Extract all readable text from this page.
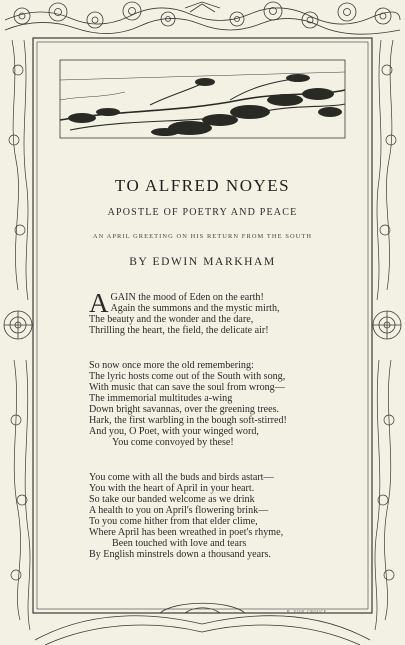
TO ALFRED NOYES
APOSTLE OF POETRY AND PEACE
AN APRIL GREETING ON HIS RETURN FROM THE SOUTH
BY EDWIN MARKHAM
A GAIN the mood of Eden on the earth!
Again the summons and the mystic mirth,
The beauty and the wonder and the dare,
Thrilling the heart, the field, the delicate air!
So now once more the old remembering:
The lyric hosts come out of the South with song,
With music that can save the soul from wrong—
The immemorial multitudes a-wing
Down bright savannas, over the greening trees.
Hark, the first warbling in the bough soft-stirred!
And you, O Poet, with your winged word,
You come convoyed by these!
You come with all the buds and birds astart—
You with the heart of April in your heart.
So take our banded welcome as we drink
A health to you on April's flowering brink—
To you come hither from that elder clime,
Where April has been wreathed in poet's rhyme,
Been touched with love and tears
By English minstrels down a thousand years.
B. VIGE CROUCE
